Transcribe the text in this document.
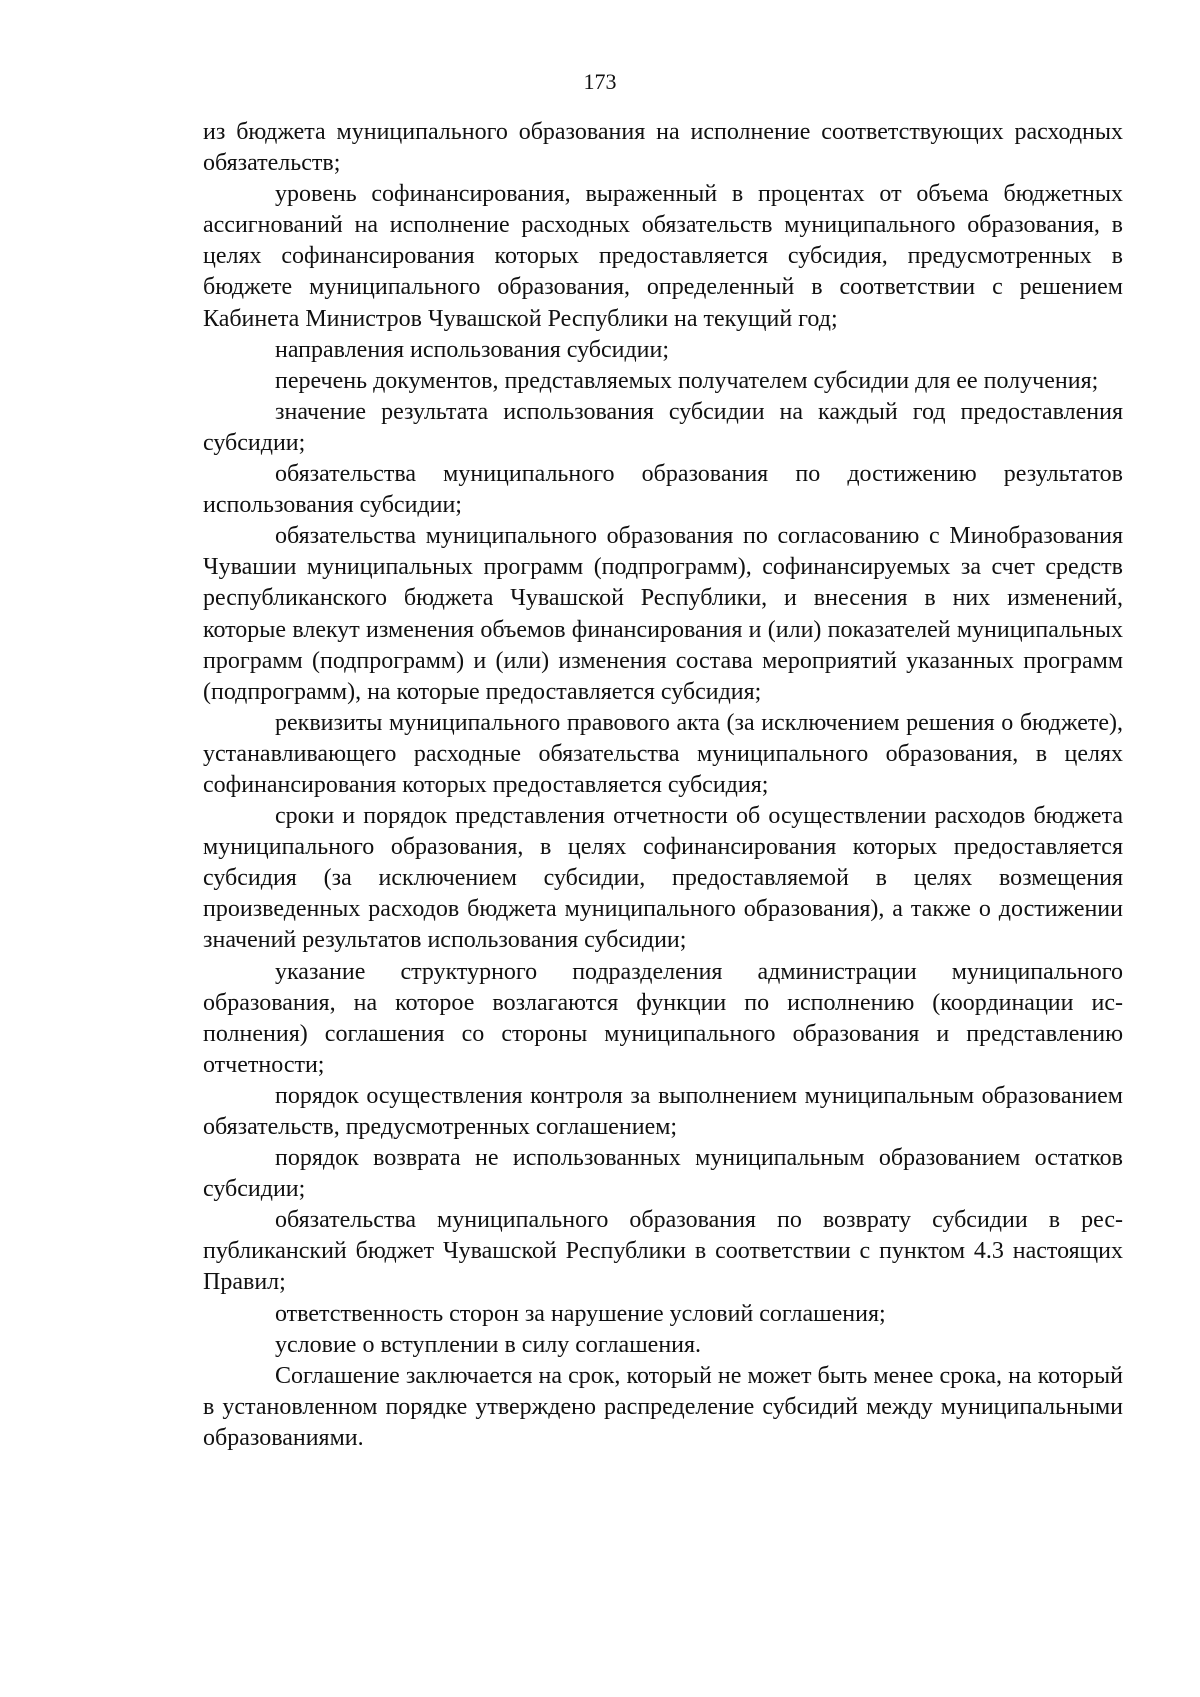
173

из бюджета муниципального образования на исполнение соответствующих расходных обязательств;

уровень софинансирования, выраженный в процентах от объема бюджетных ассигнований на исполнение расходных обязательств муниципального образования, в целях софинансирования которых предоставляется субсидия, предусмотренных в бюджете муниципального образования, определенный в соответствии с решением Кабинета Министров Чувашской Республики на текущий год;

направления использования субсидии;

перечень документов, представляемых получателем субсидии для ее получения;

значение результата использования субсидии на каждый год предоставления субсидии;

обязательства муниципального образования по достижению результатов использования субсидии;

обязательства муниципального образования по согласованию с Минобразования Чувашии муниципальных программ (подпрограмм), софинансируемых за счет средств республиканского бюджета Чувашской Республики, и внесения в них изменений, которые влекут изменения объемов финансирования и (или) показателей муниципальных программ (подпрограмм) и (или) изменения состава мероприятий указанных программ (подпрограмм), на которые предоставляется субсидия;

реквизиты муниципального правового акта (за исключением решения о бюджете), устанавливающего расходные обязательства муниципального образования, в целях софинансирования которых предоставляется субсидия;

сроки и порядок представления отчетности об осуществлении расходов бюджета муниципального образования, в целях софинансирования которых предоставляется субсидия (за исключением субсидии, предоставляемой в целях возмещения произведенных расходов бюджета муниципального образования), а также о достижении значений результатов использования субсидии;

указание структурного подразделения администрации муниципального образования, на которое возлагаются функции по исполнению (координации исполнения) соглашения со стороны муниципального образования и представлению отчетности;

порядок осуществления контроля за выполнением муниципальным образованием обязательств, предусмотренных соглашением;

порядок возврата не использованных муниципальным образованием остатков субсидии;

обязательства муниципального образования по возврату субсидии в республиканский бюджет Чувашской Республики в соответствии с пунктом 4.3 настоящих Правил;

ответственность сторон за нарушение условий соглашения;

условие о вступлении в силу соглашения.

Соглашение заключается на срок, который не может быть менее срока, на который в установленном порядке утверждено распределение субсидий между муниципальными образованиями.
